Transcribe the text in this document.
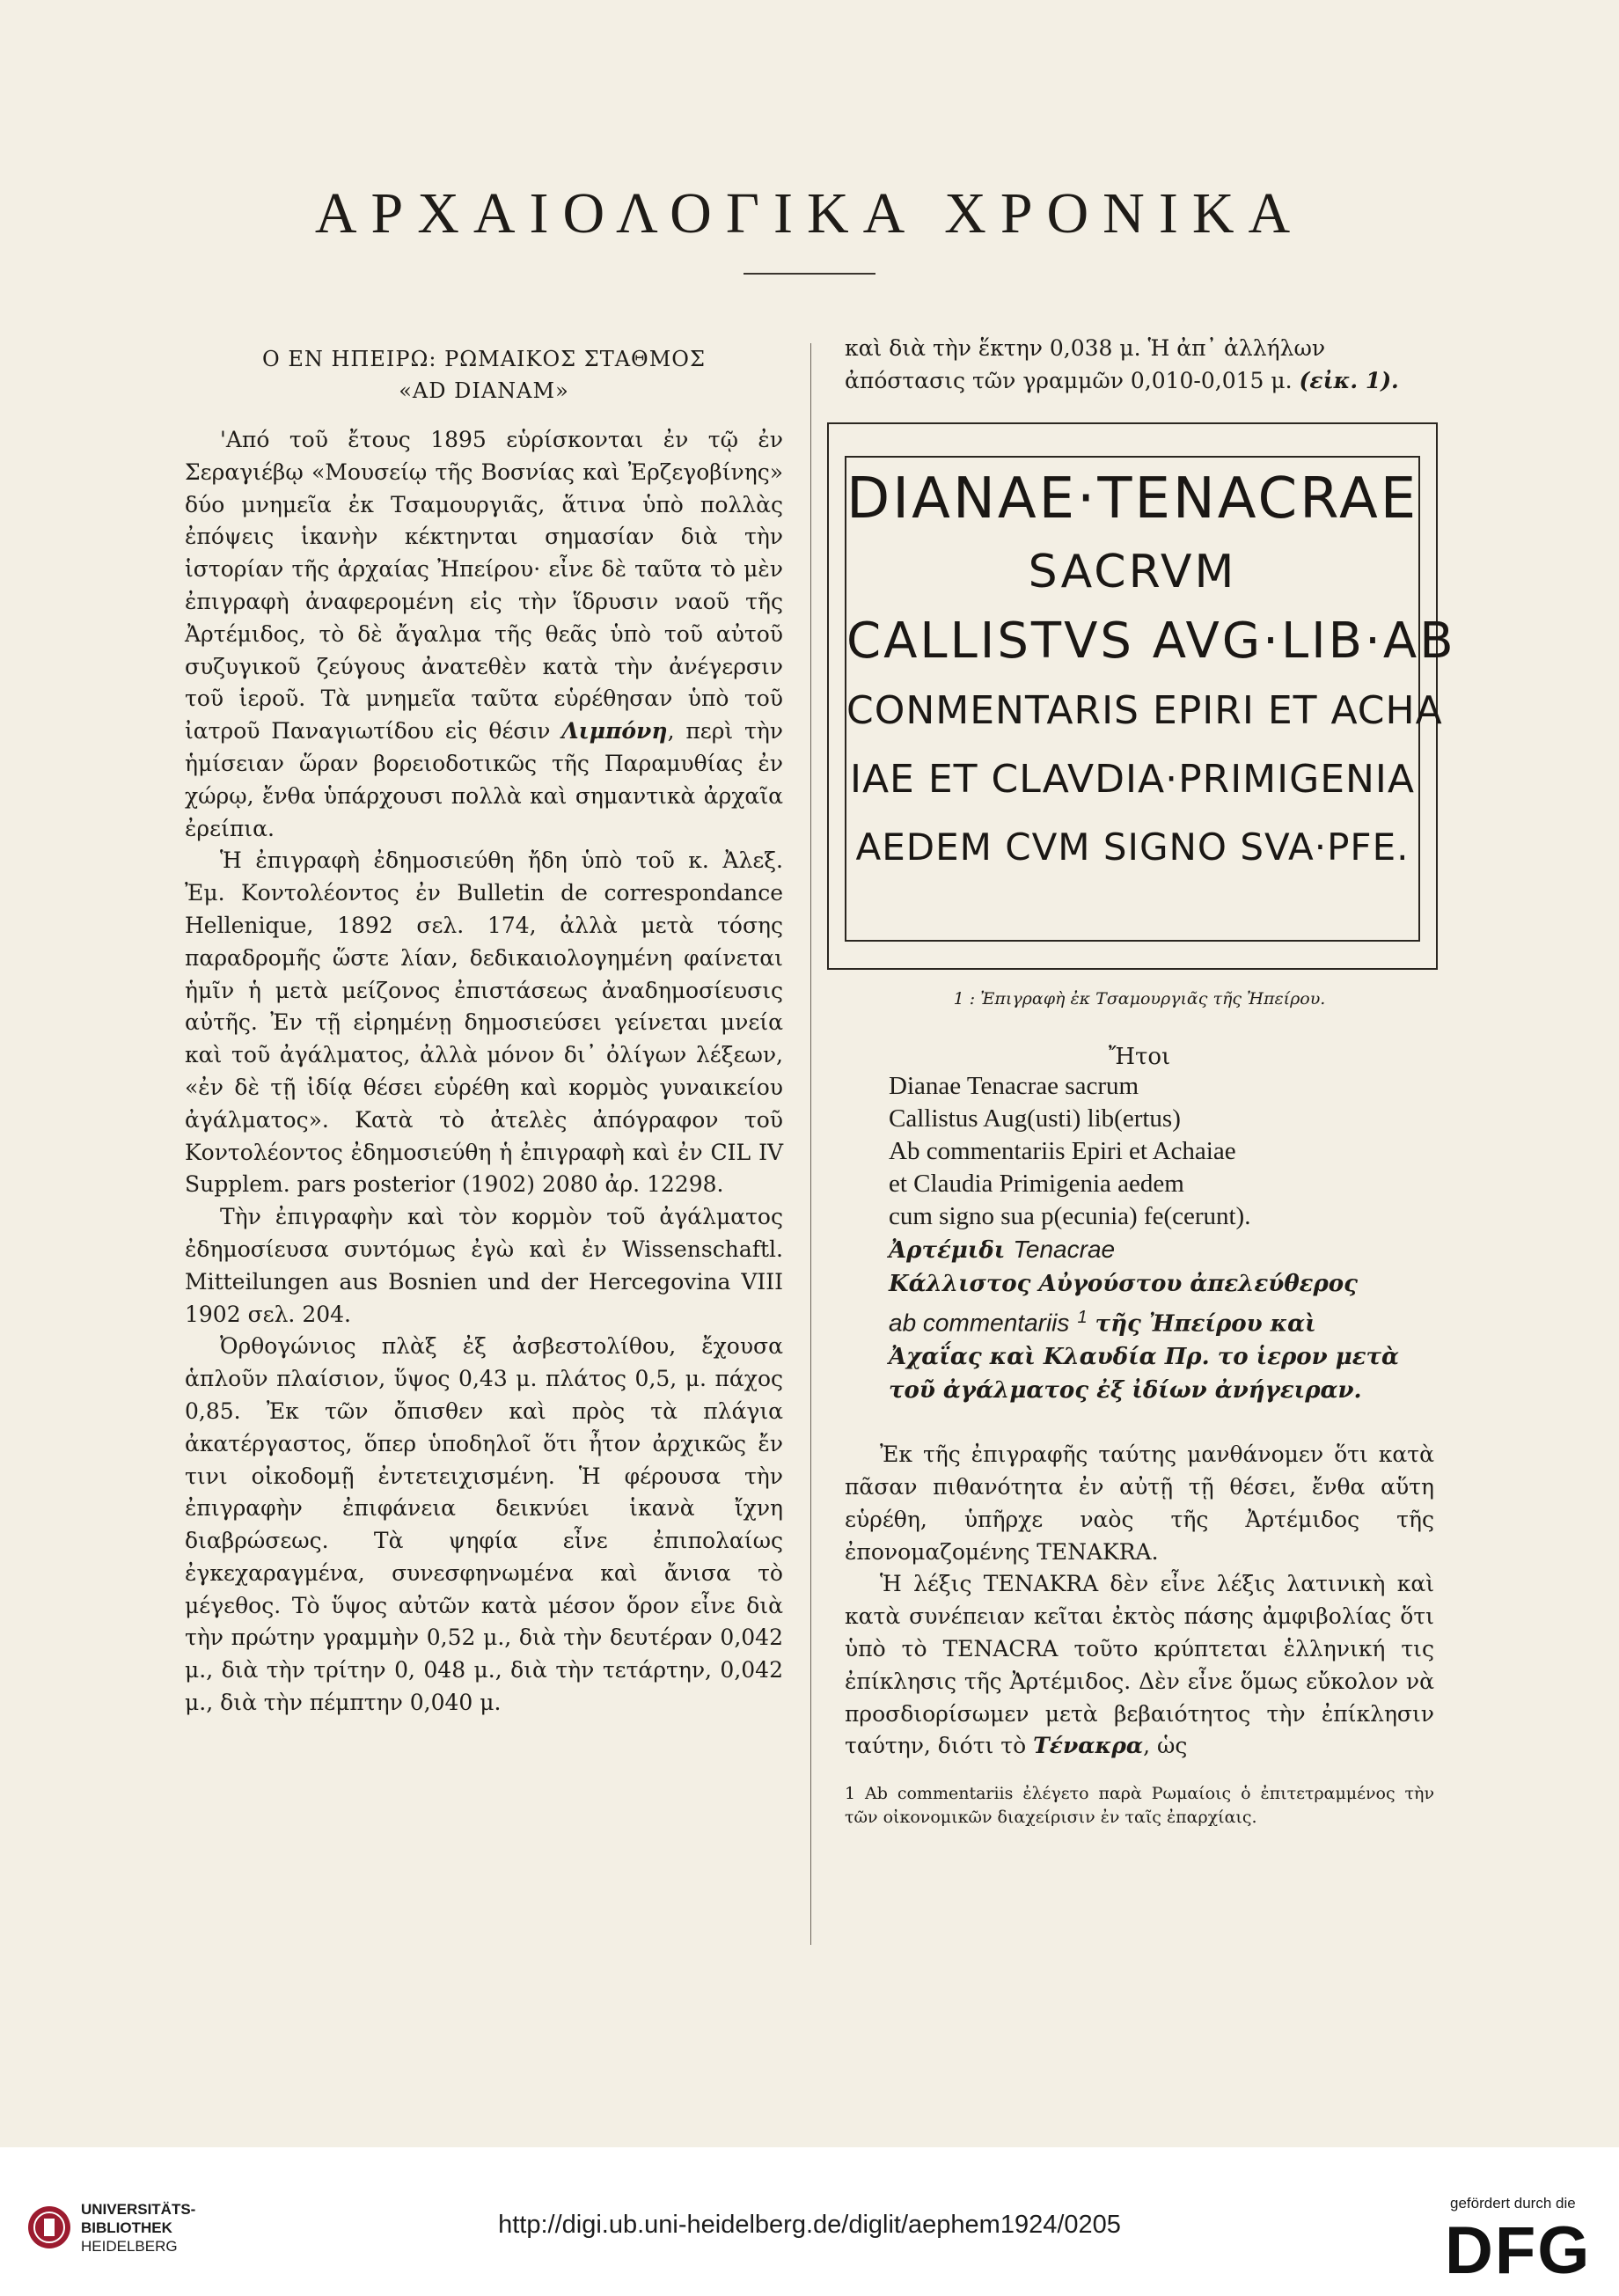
ΑΡΧΑΙΟΛΟΓΙΚΑ ΧΡΟΝΙΚΑ
Ο ΕΝ ΗΠΕΙΡΩ: ΡΩΜΑΙΚΟΣ ΣΤΑΘΜΟΣ
«AD DIANAM»

'Από τοῦ ἔτους 1895 εὑρίσκονται ἐν τῷ ἐν Σεραγιέβῳ «Μουσείῳ τῆς Βοσνίας καὶ Ἐρζεγοβίνης» δύο μνημεῖα ἐκ Τσαμουργιᾶς, ἅτινα ὑπὸ πολλὰς ἐπόψεις ἱκανὴν κέκτηνται σημασίαν διὰ τὴν ἱστορίαν τῆς ἀρχαίας Ἠπείρου· εἶνε δὲ ταῦτα τὸ μὲν ἐπιγραφὴ ἀναφερομένη εἰς τὴν ἵδρυσιν ναοῦ τῆς Ἀρτέμιδος, τὸ δὲ ἄγαλμα τῆς θεᾶς ὑπὸ τοῦ αὐτοῦ συζυγικοῦ ζεύγους ἀνατεθὲν κατὰ τὴν ἀνέγερσιν τοῦ ἱεροῦ. Τὰ μνημεῖα ταῦτα εὑρέθησαν ὑπὸ τοῦ ἰατροῦ Παναγιωτίδου εἰς θέσιν Λιμπόνη, περὶ τὴν ἡμίσειαν ὥραν βορειοδοτικῶς τῆς Παραμυθίας ἐν χώρῳ, ἔνθα ὑπάρχουσι πολλὰ καὶ σημαντικὰ ἀρχαῖα ἐρείπια.

Ἡ ἐπιγραφὴ ἐδημοσιεύθη ἤδη ὑπὸ τοῦ κ. Ἀλεξ. Ἐμ. Κοντολέοντος ἐν Bulletin de correspondance Hellenique, 1892 σελ. 174, ἀλλὰ μετὰ τόσης παραδρομῆς ὥστε λίαν, δεδικαιολογημένη φαίνεται ἡμῖν ἡ μετὰ μείζονος ἐπιστάσεως ἀναδημοσίευσις αὐτῆς. Ἐν τῇ εἰρημένῃ δημοσιεύσει γείνεται μνεία καὶ τοῦ ἀγάλματος, ἀλλὰ μόνον δι᾽ ὀλίγων λέξεων, «ἐν δὲ τῇ ἰδίᾳ θέσει εὑρέθη καὶ κορμὸς γυναικείου ἀγάλματος». Κατὰ τὸ ἀτελὲς ἀπόγραφον τοῦ Κοντολέοντος ἐδημοσιεύθη ἡ ἐπιγραφὴ καὶ ἐν CIL IV Supplem. pars posterior (1902) 2080 ἀρ. 12298.

Τὴν ἐπιγραφὴν καὶ τὸν κορμὸν τοῦ ἀγάλματος ἐδημοσίευσα συντόμως ἐγὼ καὶ ἐν Wissenschaftl. Mitteilungen aus Bosnien und der Hercegovina VIII 1902 σελ. 204.

Ὀρθογώνιος πλὰξ ἐξ ἀσβεστολίθου, ἔχουσα ἁπλοῦν πλαίσιον, ὕψος 0,43 μ. πλάτος 0,5, μ. πάχος 0,85. Ἐκ τῶν ὄπισθεν καὶ πρὸς τὰ πλάγια ἀκατέργαστος, ὅπερ ὑποδηλοῖ ὅτι ἦτον ἀρχικῶς ἔν τινι οἰκοδομῇ ἐντετειχισμένη. Ἡ φέρουσα τὴν ἐπιγραφὴν ἐπιφάνεια δεικνύει ἱκανὰ ἴχνη διαβρώσεως. Τὰ ψηφία εἶνε ἐπιπολαίως ἐγκεχαραγμένα, συνεσφηνωμένα καὶ ἄνισα τὸ μέγεθος. Τὸ ὕψος αὐτῶν κατὰ μέσον ὅρον εἶνε διὰ τὴν πρώτην γραμμὴν 0,52 μ., διὰ τὴν δευτέραν 0,042 μ., διὰ τὴν τρίτην 0, 048 μ., διὰ τὴν τετάρτην, 0,042 μ., διὰ τὴν πέμπτην 0,040 μ.

καὶ διὰ τὴν ἕκτην 0,038 μ. Ἡ ἀπ᾽ ἀλλήλων
ἀπόστασις τῶν γραμμῶν 0,010-0,015 μ. (εἰκ. 1).
DIANAE·TENACRAE
SACRVM
CALLISTVS AVG·LIB·AB
CONMENTARIS EPIRI ET ACHA
IAE ET CLAVDIA·PRIMIGENIA
AEDEM CVM SIGNO SVA·PFE.
1 : Ἐπιγραφὴ ἐκ Τσαμουργιᾶς τῆς Ἠπείρου.
Ἤτοι
Dianae Tenacrae sacrum
Callistus Aug(usti) lib(ertus)
Ab commentariis Epiri et Achaiae
et Claudia Primigenia aedem
cum signo sua p(ecunia) fe(cerunt).
Ἀρτέμιδι Tenacrae
Κάλλιστος Αὐγούστου ἀπελεύθερος
ab commentariis $^1$ τῆς Ἠπείρου καὶ
Ἀχαΐας καὶ Κλαυδία Πρ. το ἱερον μετὰ
τοῦ ἀγάλματος ἐξ ἰδίων ἀνήγειραν.

Ἐκ τῆς ἐπιγραφῆς ταύτης μανθάνομεν ὅτι κατὰ πᾶσαν πιθανότητα ἐν αὐτῇ τῇ θέσει, ἔνθα αὕτη εὑρέθη, ὑπῆρχε ναὸς τῆς Ἀρτέμιδος τῆς ἐπονομαζομένης TENAKRA.

Ἡ λέξις TENAKRA δὲν εἶνε λέξις λατινικὴ καὶ κατὰ συνέπειαν κεῖται ἐκτὸς πάσης ἀμφιβολίας ὅτι ὑπὸ τὸ TENACRA τοῦτο κρύπτεται ἑλληνική τις ἐπίκλησις τῆς Ἀρτέμιδος. Δὲν εἶνε ὅμως εὔκολον νὰ προσδιορίσωμεν μετὰ βεβαιότητος τὴν ἐπίκλησιν ταύτην, διότι τὸ Τένακρα, ὡς

1 Ab commentariis ἐλέγετο παρὰ Ρωμαίοις ὁ ἐπιτετραμμένος τὴν τῶν οἰκονομικῶν διαχείρισιν ἐν ταῖς ἐπαρχίαις.
UNIVERSITÄTS-
BIBLIOTHEK
HEIDELBERG
http://digi.ub.uni-heidelberg.de/diglit/aephem1924/0205
gefördert durch die
DFG
